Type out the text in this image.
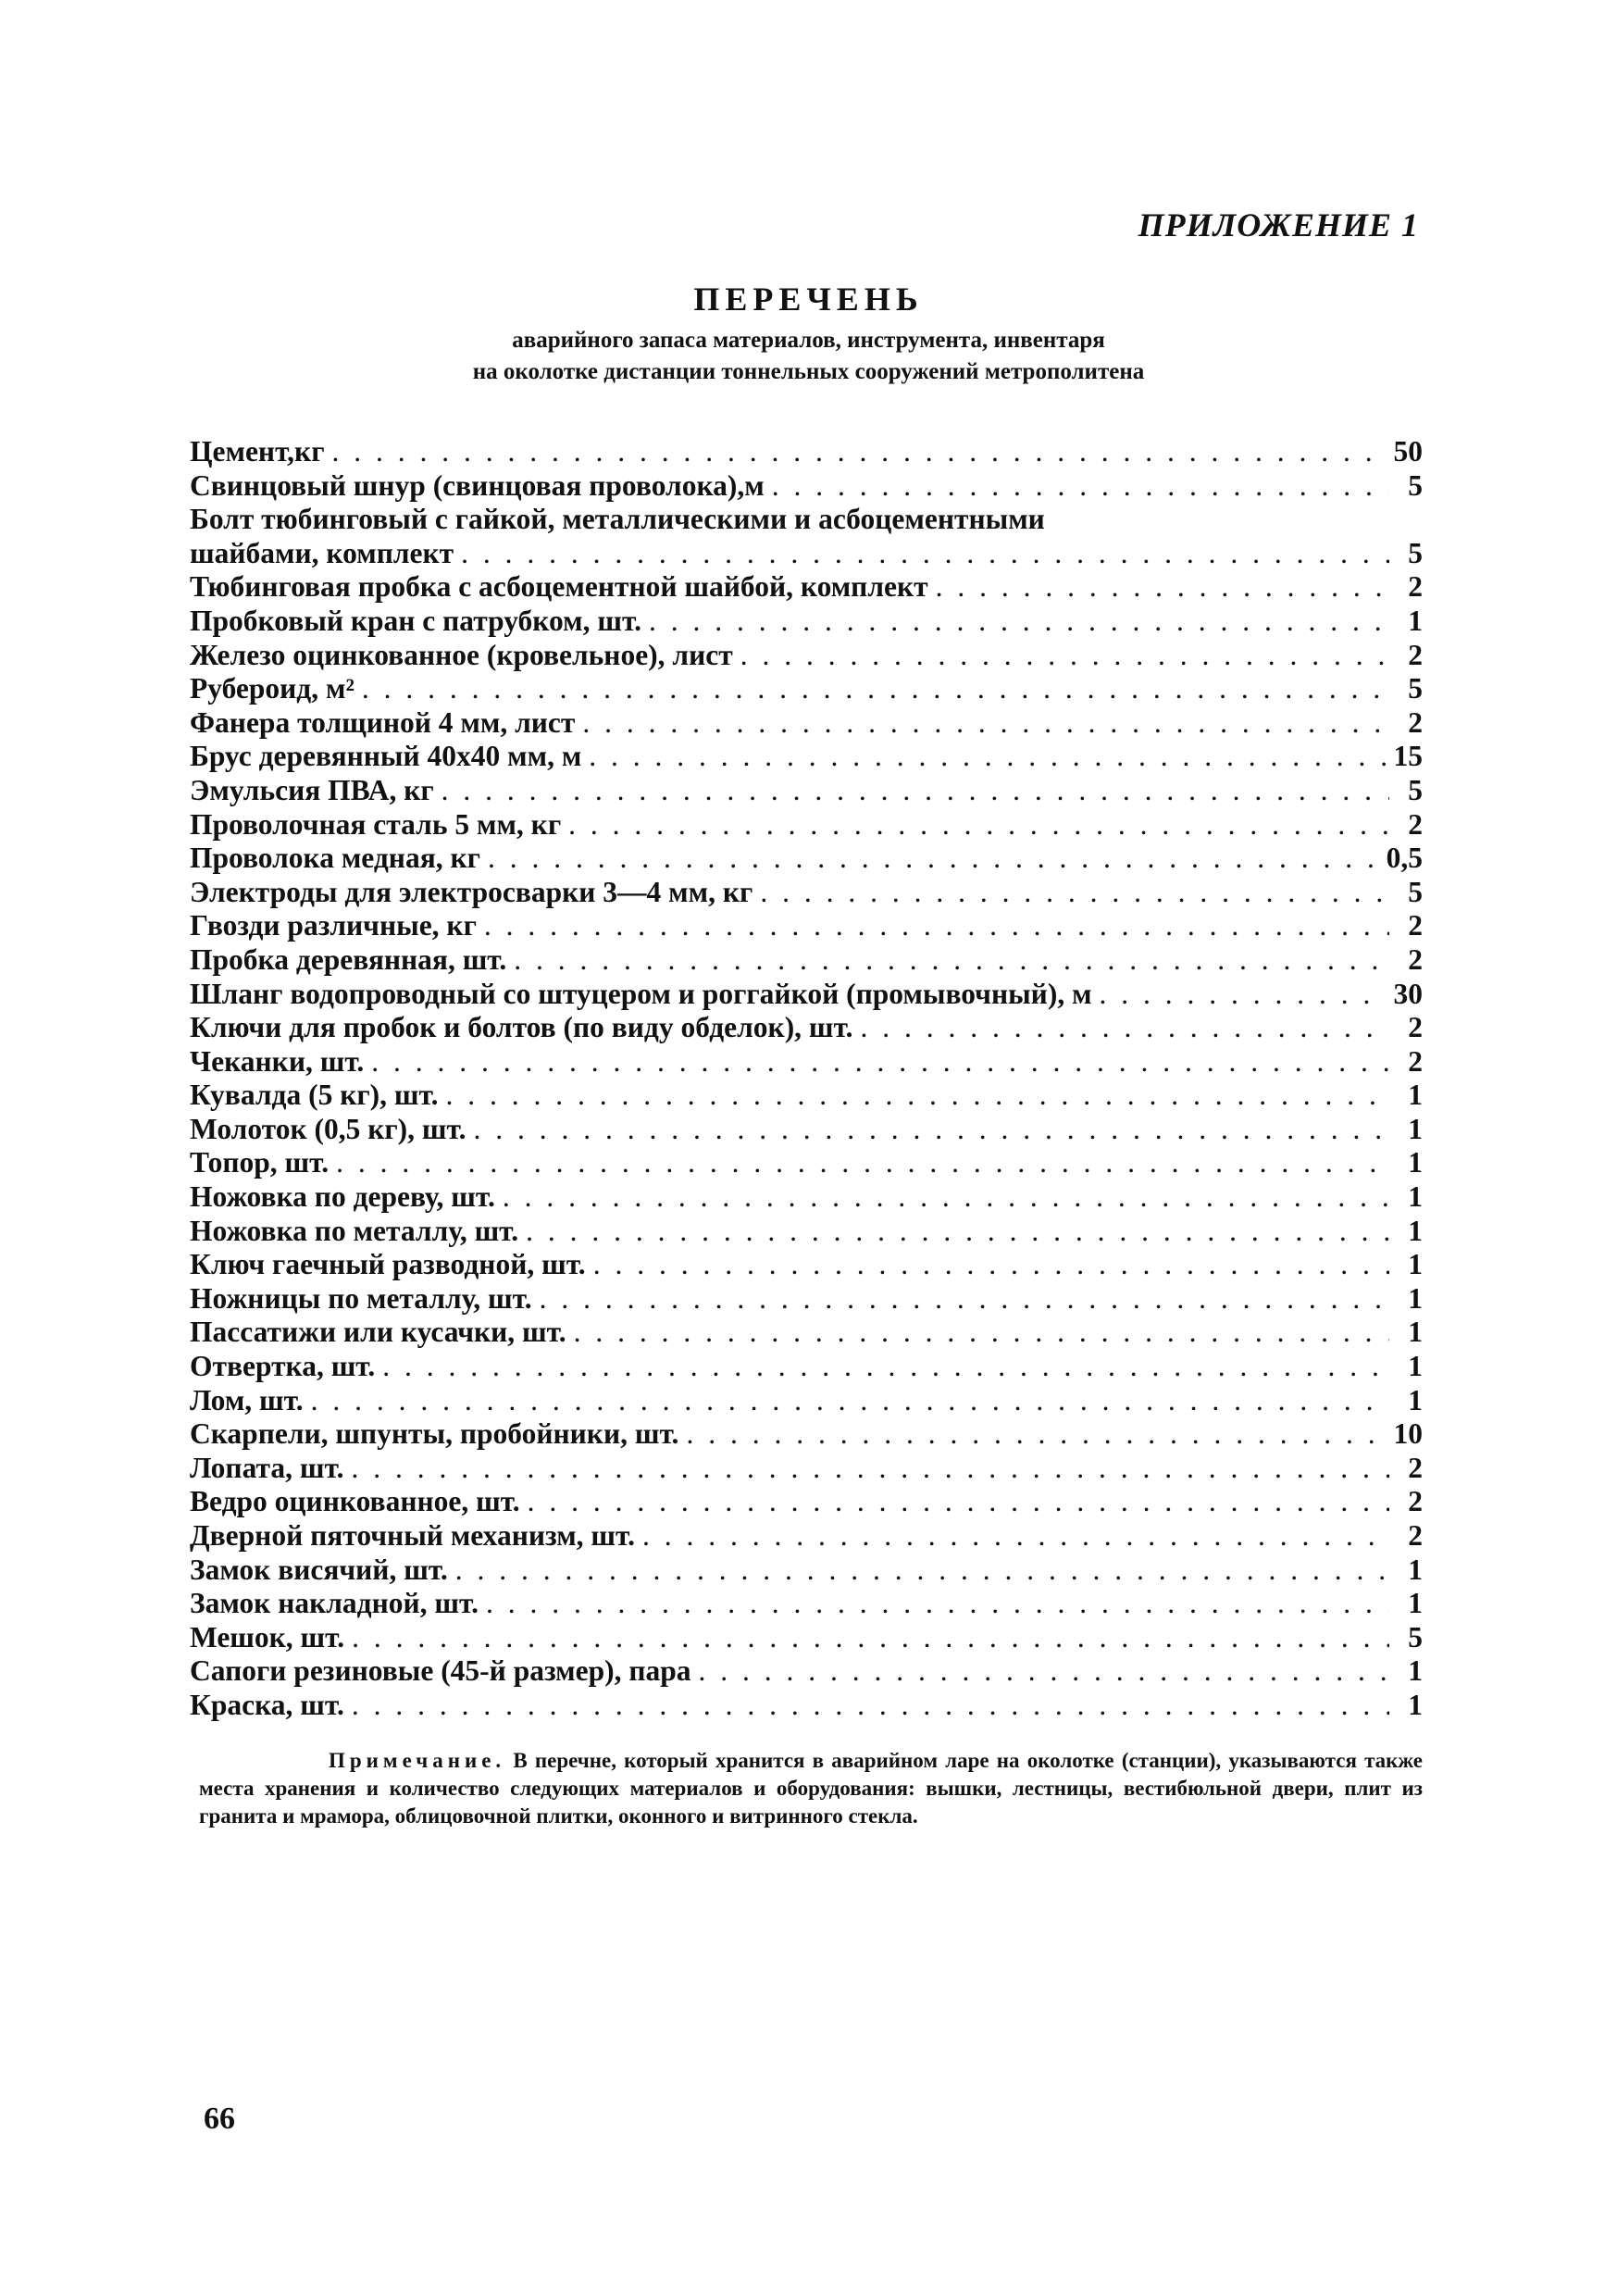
ПРИЛОЖЕНИЕ 1
ПЕРЕЧЕНЬ
аварийного запаса материалов, инструмента, инвентаря
на околотке дистанции тоннельных сооружений метрополитена
Цемент,кг . . .	50
Свинцовый шнур (свинцовая проволока),м . . .	5
Болт тюбинговый с гайкой, металлическими и асбоцементными
шайбами, комплект . . .	5
Тюбинговая пробка с асбоцементной шайбой, комплект . . .	2
Пробковый кран с патрубком, шт. . . .	1
Железо оцинкованное (кровельное), лист . . .	2
Рубероид, м² . . .	5
Фанера толщиной 4 мм, лист . . .	2
Брус деревянный 40x40 мм, м . . .	15
Эмульсия ПВА, кг . . .	5
Проволочная сталь 5 мм, кг . . .	2
Проволока медная, кг . . .	0,5
Электроды для электросварки 3—4 мм, кг . . .	5
Гвозди различные, кг . . .	2
Пробка деревянная, шт. . . .	2
Шланг водопроводный со штуцером и роггайкой (промывочный), м . . .	30
Ключи для пробок и болтов (по виду обделок), шт. . . .	2
Чеканки, шт. . . .	2
Кувалда (5 кг), шт. . . .	1
Молоток (0,5 кг), шт. . . .	1
Топор, шт. . . .	1
Ножовка по дереву, шт. . . .	1
Ножовка по металлу, шт. . . .	1
Ключ гаечный разводной, шт. . . .	1
Ножницы по металлу, шт. . . .	1
Пассатижи или кусачки, шт. . . .	1
Отвертка, шт. . . .	1
Лом, шт. . . .	1
Скарпели, шпунты, пробойники, шт. . . .	10
Лопата, шт. . . .	2
Ведро оцинкованное, шт. . . .	2
Дверной пяточный механизм, шт. . . .	2
Замок висячий, шт. . . .	1
Замок накладной, шт. . . .	1
Мешок, шт. . . .	5
Сапоги резиновые (45-й размер), пара . . .	1
Краска, шт. . . .	1
Примечание. В перечне, который хранится в аварийном ларе на околотке (станции), указываются также места хранения и количество следующих материалов и оборудования: вышки, лестницы, вестибюльной двери, плит из гранита и мрамора, облицовочной плитки, оконного и витринного стекла.
66
